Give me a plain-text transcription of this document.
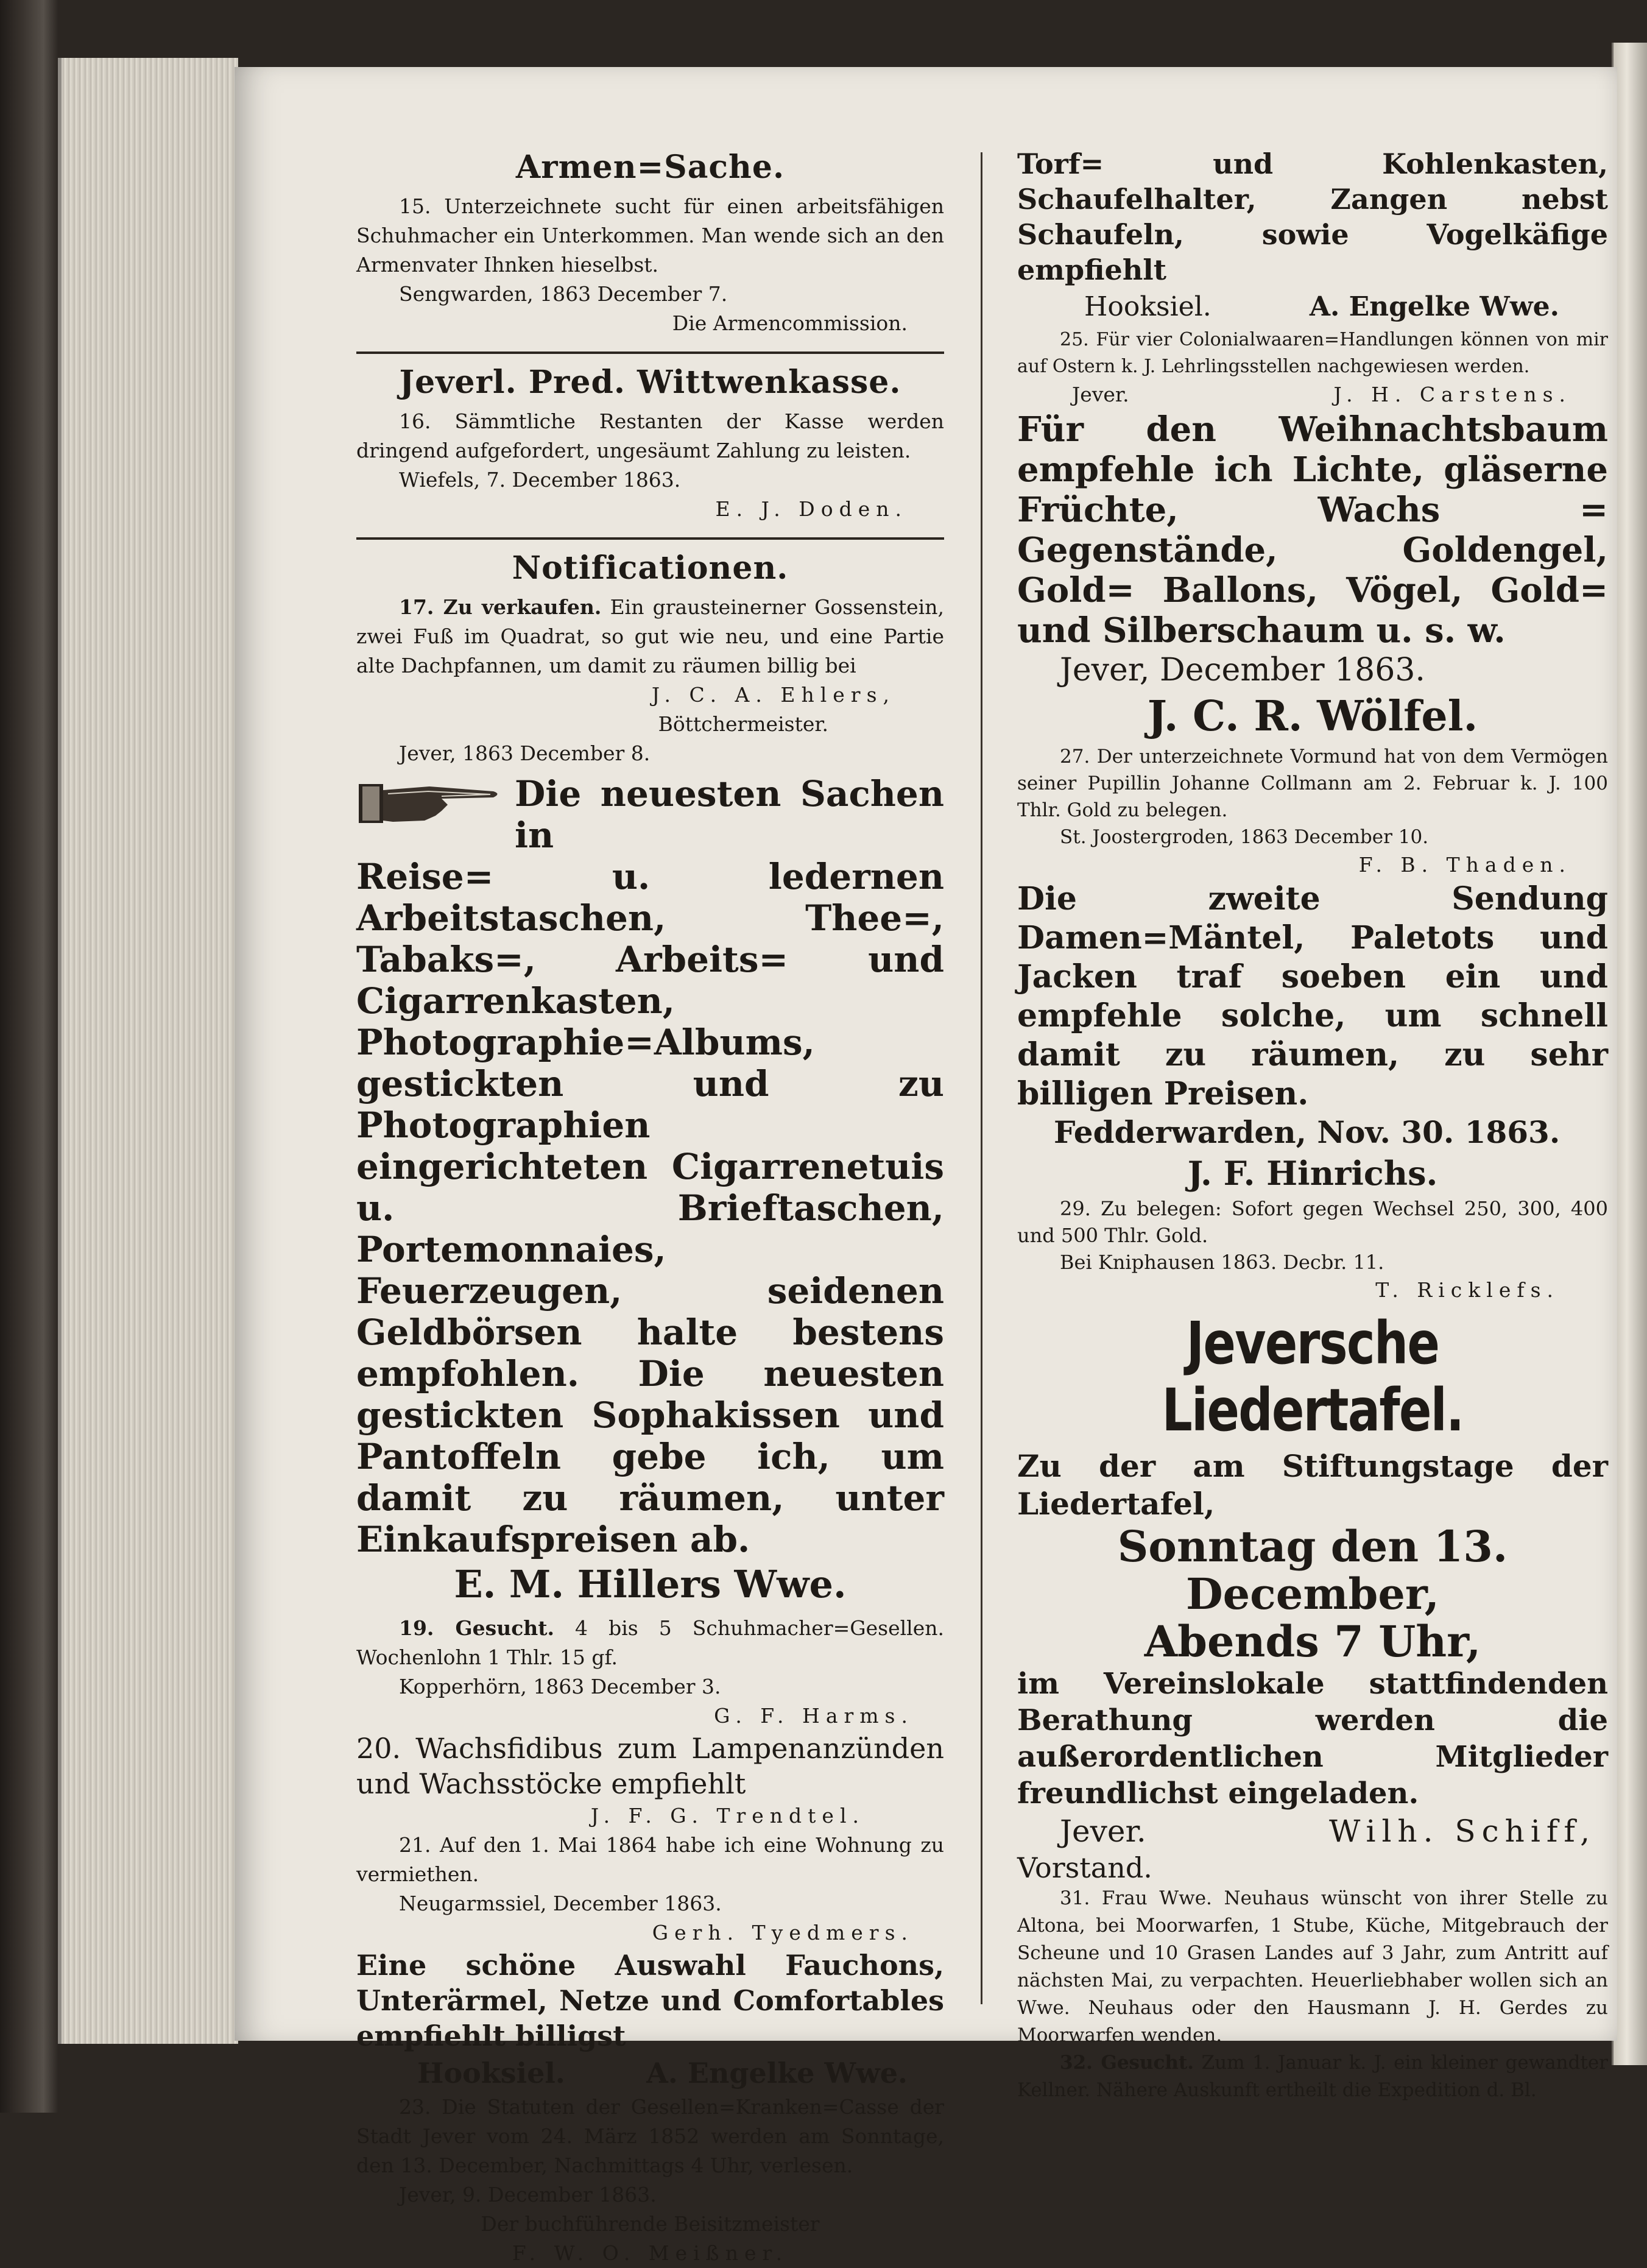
Armen=Sache.

15. Unterzeichnete sucht für einen arbeitsfähigen Schuhmacher ein Unterkommen. Man wende sich an den Armenvater Ihnken hieselbst.

Sengwarden, 1863 December 7.

Die Armencommission.

Jeverl. Pred. Wittwenkasse.

16. Sämmtliche Restanten der Kasse werden dringend aufgefordert, ungesäumt Zahlung zu leisten.

Wiefels, 7. December 1863.

E. J. Doden.

Notificationen.

17. Zu verkaufen. Ein grausteinerner Gossenstein, zwei Fuß im Quadrat, so gut wie neu, und eine Partie alte Dachpfannen, um damit zu räumen billig bei

J. C. A. Ehlers,

Böttchermeister.

Jever, 1863 December 8.

Die neuesten Sachen in

Reise= u. ledernen Arbeitstaschen, Thee=, Tabaks=, Arbeits= und Cigarrenkasten, Photographie=Albums, gestickten und zu Photographien eingerichteten Cigarrenetuis u. Brieftaschen, Portemonnaies, Feuerzeugen, seidenen Geldbörsen halte bestens empfohlen. Die neuesten gestickten Sophakissen und Pantoffeln gebe ich, um damit zu räumen, unter Einkaufspreisen ab.

E. M. Hillers Wwe.

19. Gesucht. 4 bis 5 Schuhmacher=Gesellen. Wochenlohn 1 Thlr. 15 gf.

Kopperhörn, 1863 December 3.

G. F. Harms.

20. Wachsfidibus zum Lampenanzünden und Wachsstöcke empfiehlt

J. F. G. Trendtel.

21. Auf den 1. Mai 1864 habe ich eine Wohnung zu vermiethen.

Neugarmssiel, December 1863.

Gerh. Tyedmers.

Eine schöne Auswahl Fauchons, Unterärmel, Netze und Comfortables empfiehlt billigst

Hooksiel.	A. Engelke Wwe.

23. Die Statuten der Gesellen=Kranken=Casse der Stadt Jever vom 24. März 1852 werden am Sonntage, den 13. December, Nachmittags 4 Uhr, verlesen.

Jever, 9. December 1863.

Der buchführende Beisitzmeister

F. W. O. Meißner.

Torf= und Kohlenkasten, Schaufelhalter, Zangen nebst Schaufeln, sowie Vogelkäfige empfiehlt

Hooksiel.	A. Engelke Wwe.

25. Für vier Colonialwaaren=Handlungen können von mir auf Ostern k. J. Lehrlingsstellen nachgewiesen werden.

Jever.	J. H. Carstens.

Für den Weihnachtsbaum empfehle ich Lichte, gläserne Früchte, Wachs = Gegenstände, Goldengel, Gold= Ballons, Vögel, Gold= und Silberschaum u. s. w.

Jever, December 1863.

J. C. R. Wölfel.

27. Der unterzeichnete Vormund hat von dem Vermögen seiner Pupillin Johanne Collmann am 2. Februar k. J. 100 Thlr. Gold zu belegen.

St. Joostergroden, 1863 December 10.

F. B. Thaden.

Die zweite Sendung Damen=Mäntel, Paletots und Jacken traf soeben ein und empfehle solche, um schnell damit zu räumen, zu sehr billigen Preisen.

Fedderwarden, Nov. 30. 1863.

J. F. Hinrichs.

29. Zu belegen: Sofort gegen Wechsel 250, 300, 400 und 500 Thlr. Gold.

Bei Kniphausen 1863. Decbr. 11.

T. Ricklefs.

Jeversche Liedertafel.

Zu der am Stiftungstage der Liedertafel,

Sonntag den 13. December,

Abends 7 Uhr,

im Vereinslokale stattfindenden Berathung werden die außerordentlichen Mitglieder freundlichst eingeladen.

Jever.	Wilh. Schiff,

Vorstand.

31. Frau Wwe. Neuhaus wünscht von ihrer Stelle zu Altona, bei Moorwarfen, 1 Stube, Küche, Mitgebrauch der Scheune und 10 Grasen Landes auf 3 Jahr, zum Antritt auf nächsten Mai, zu verpachten. Heuerliebhaber wollen sich an Wwe. Neuhaus oder den Hausmann J. H. Gerdes zu Moorwarfen wenden.

32. Gesucht. Zum 1. Januar k. J. ein kleiner gewandter Kellner. Nähere Auskunft ertheilt die Expedition d. Bl.
